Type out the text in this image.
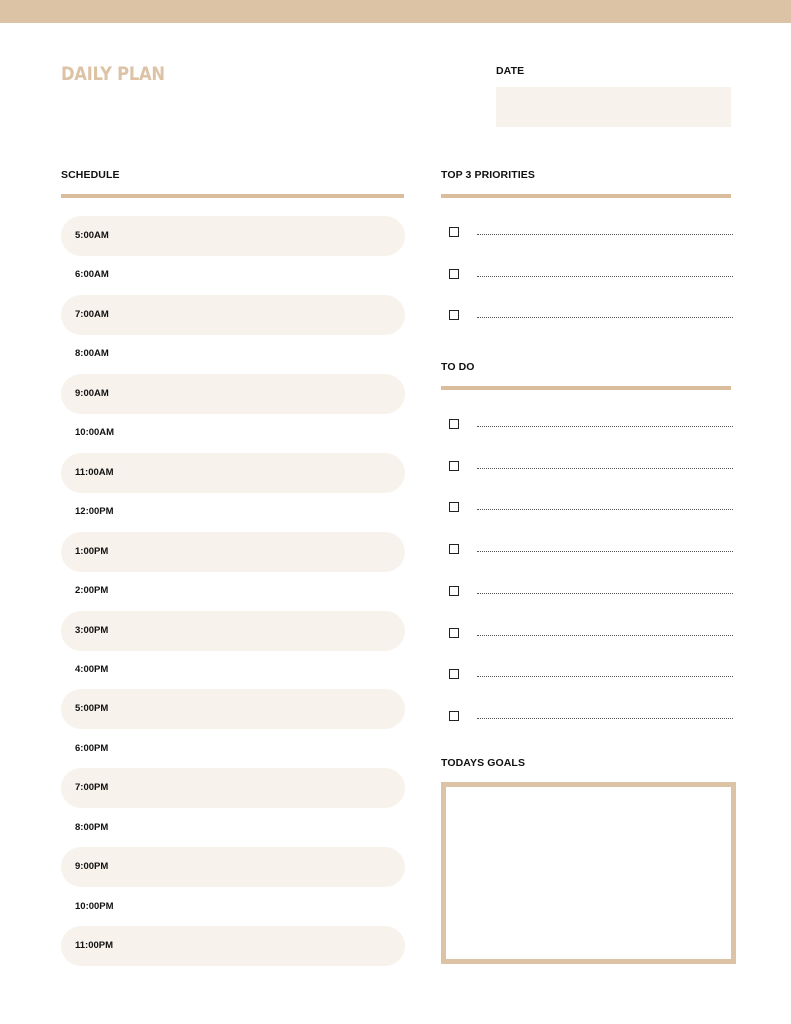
DAILY PLAN	DATE
SCHEDULE	TOP 3 PRIORITIES
TO DO
TODAYS GOALS
5:00AM
6:00AM
7:00AM
8:00AM
9:00AM
10:00AM
11:00AM
12:00PM
1:00PM
2:00PM
3:00PM
4:00PM
5:00PM
6:00PM
7:00PM
8:00PM
9:00PM
10:00PM
11:00PM
